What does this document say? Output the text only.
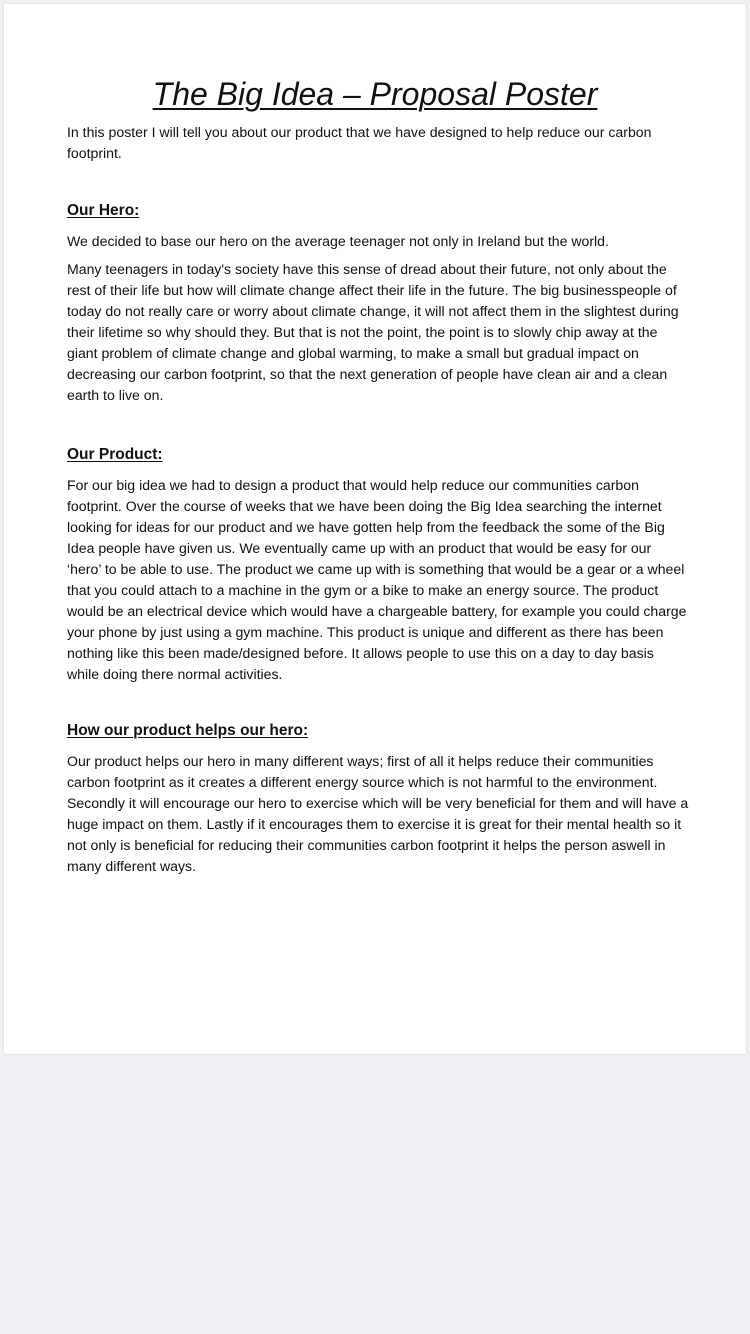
The Big Idea – Proposal Poster

In this poster I will tell you about our product that we have designed to help reduce our carbon footprint.

Our Hero:

We decided to base our hero on the average teenager not only in Ireland but the world.

Many teenagers in today's society have this sense of dread about their future, not only about the rest of their life but how will climate change affect their life in the future. The big businesspeople of today do not really care or worry about climate change, it will not affect them in the slightest during their lifetime so why should they. But that is not the point, the point is to slowly chip away at the giant problem of climate change and global warming, to make a small but gradual impact on decreasing our carbon footprint, so that the next generation of people have clean air and a clean earth to live on.

Our Product:

For our big idea we had to design a product that would help reduce our communities carbon footprint. Over the course of weeks that we have been doing the Big Idea searching the internet looking for ideas for our product and we have gotten help from the feedback the some of the Big Idea people have given us. We eventually came up with an product that would be easy for our ‘hero’ to be able to use. The product we came up with is something that would be a gear or a wheel that you could attach to a machine in the gym or a bike to make an energy source. The product would be an electrical device which would have a chargeable battery, for example you could charge your phone by just using a gym machine. This product is unique and different as there has been nothing like this been made/designed before. It allows people to use this on a day to day basis while doing there normal activities.

How our product helps our hero:

Our product helps our hero in many different ways; first of all it helps reduce their communities carbon footprint as it creates a different energy source which is not harmful to the environment. Secondly it will encourage our hero to exercise which will be very beneficial for them and will have a huge impact on them. Lastly if it encourages them to exercise it is great for their mental health so it not only is beneficial for reducing their communities carbon footprint it helps the person aswell in many different ways.
